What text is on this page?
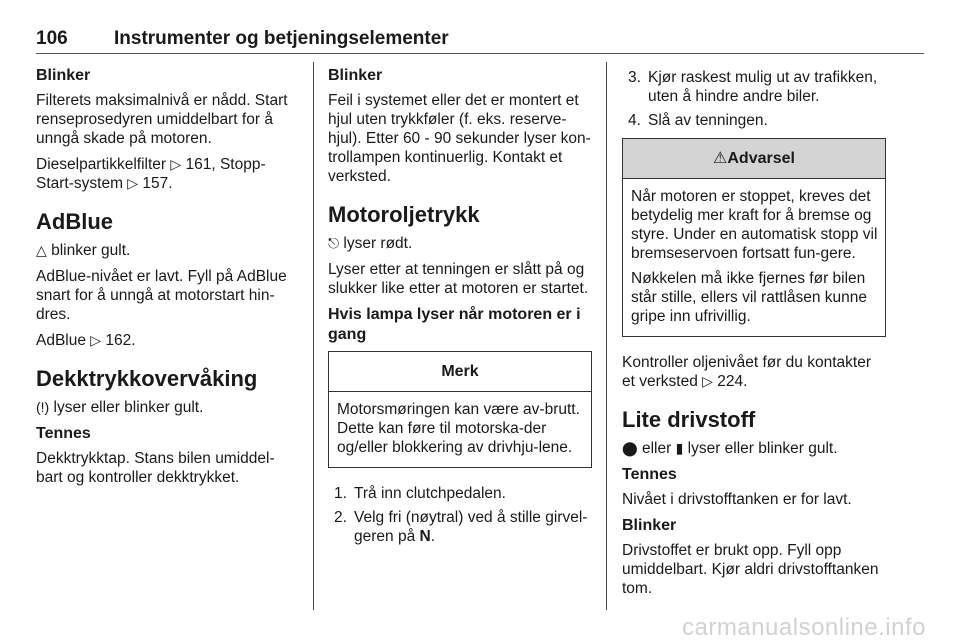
106 Instrumenter og betjeningselementer
Blinker

Filterets maksimalnivå er nådd. Start renseprosedyren umiddelbart for å unngå skade på motoren.

Dieselpartikkelfilter ▷ 161, Stopp-Start-system ▷ 157.

AdBlue

△ blinker gult.

AdBlue-nivået er lavt. Fyll på AdBlue snart for å unngå at motorstart hin-dres.

AdBlue ▷ 162.

Dekktrykkovervåking

(!) lyser eller blinker gult.

Tennes

Dekktrykktap. Stans bilen umiddel-bart og kontroller dekktrykket.

Blinker

Feil i systemet eller det er montert et hjul uten trykkføler (f. eks. reserve-hjul). Etter 60 - 90 sekunder lyser kon-trollampen kontinuerlig. Kontakt et verksted.

Motoroljetrykk

⎋ lyser rødt.

Lyser etter at tenningen er slått på og slukker like etter at motoren er startet.

Hvis lampa lyser når motoren er i gang
Merk

Motorsmøringen kan være av-brutt. Dette kan føre til motorska-der og/eller blokkering av drivhju-lene.

1. Trå inn clutchpedalen.
2. Velg fri (nøytral) ved å stille girvel-geren på N.
3. Kjør raskest mulig ut av trafikken, uten å hindre andre biler.
4. Slå av tenningen.
⚠Advarsel

Når motoren er stoppet, kreves det betydelig mer kraft for å bremse og styre. Under en automatisk stopp vil bremseservoen fortsatt fun-gere.

Nøkkelen må ikke fjernes før bilen står stille, ellers vil rattlåsen kunne gripe inn ufrivillig.

Kontroller oljenivået før du kontakter et verksted ▷ 224.

Lite drivstoff

⬤ eller ▮ lyser eller blinker gult.

Tennes

Nivået i drivstofftanken er for lavt.

Blinker

Drivstoffet er brukt opp. Fyll opp umiddelbart. Kjør aldri drivstofftanken tom.

carmanualsonline.info
